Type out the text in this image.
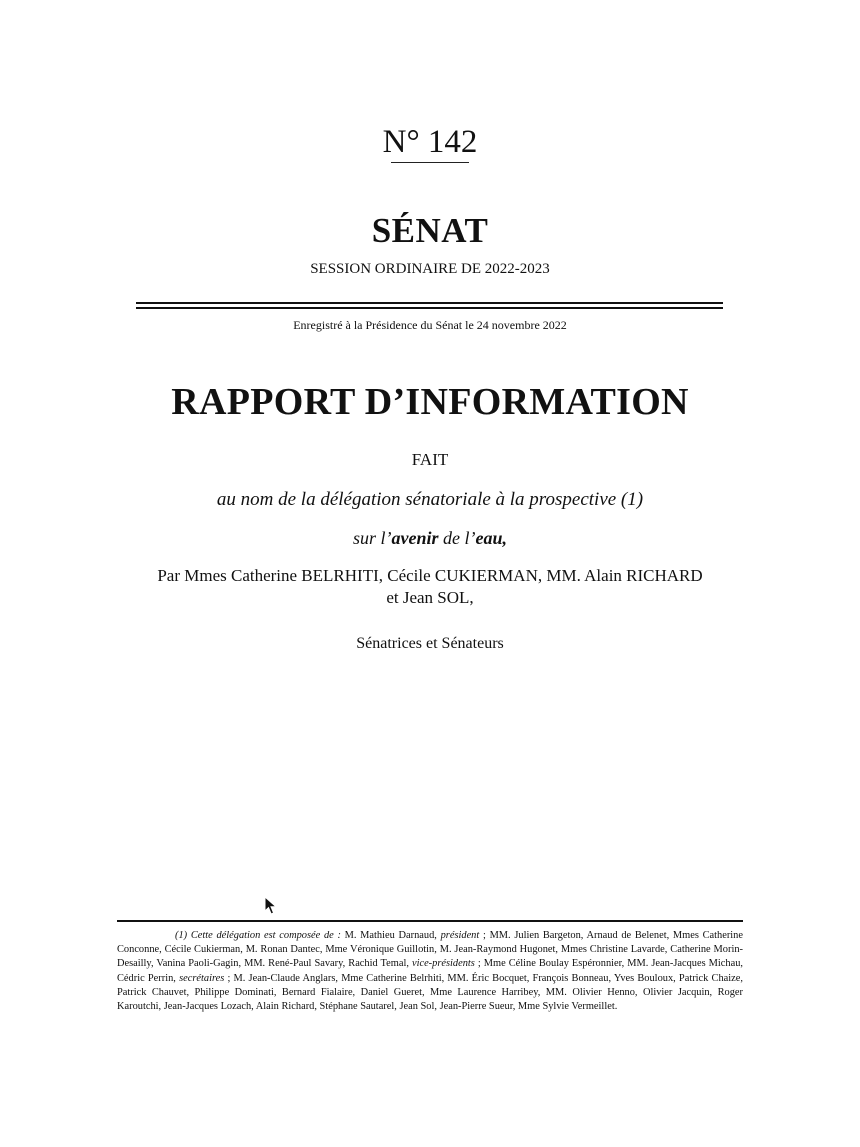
N° 142
SÉNAT
SESSION ORDINAIRE DE 2022-2023
Enregistré à la Présidence du Sénat le 24 novembre 2022
RAPPORT D’INFORMATION
FAIT
au nom de la délégation sénatoriale à la prospective (1)
sur l’avenir de l’eau,
Par Mmes Catherine BELRHITI, Cécile CUKIERMAN, MM. Alain RICHARD
et Jean SOL,
Sénatrices et Sénateurs

(1) Cette délégation est composée de : M. Mathieu Darnaud, président ; MM. Julien Bargeton, Arnaud de Belenet, Mmes Catherine Conconne, Cécile Cukierman, M. Ronan Dantec, Mme Véronique Guillotin, M. Jean-Raymond Hugonet, Mmes Christine Lavarde, Catherine Morin-Desailly, Vanina Paoli-Gagin, MM. René-Paul Savary, Rachid Temal, vice-présidents ; Mme Céline Boulay Espéronnier, MM. Jean-Jacques Michau, Cédric Perrin, secrétaires ; M. Jean-Claude Anglars, Mme Catherine Belrhiti, MM. Éric Bocquet, François Bonneau, Yves Bouloux, Patrick Chaize, Patrick Chauvet, Philippe Dominati, Bernard Fialaire, Daniel Gueret, Mme Laurence Harribey, MM. Olivier Henno, Olivier Jacquin, Roger Karoutchi, Jean-Jacques Lozach, Alain Richard, Stéphane Sautarel, Jean Sol, Jean-Pierre Sueur, Mme Sylvie Vermeillet.
